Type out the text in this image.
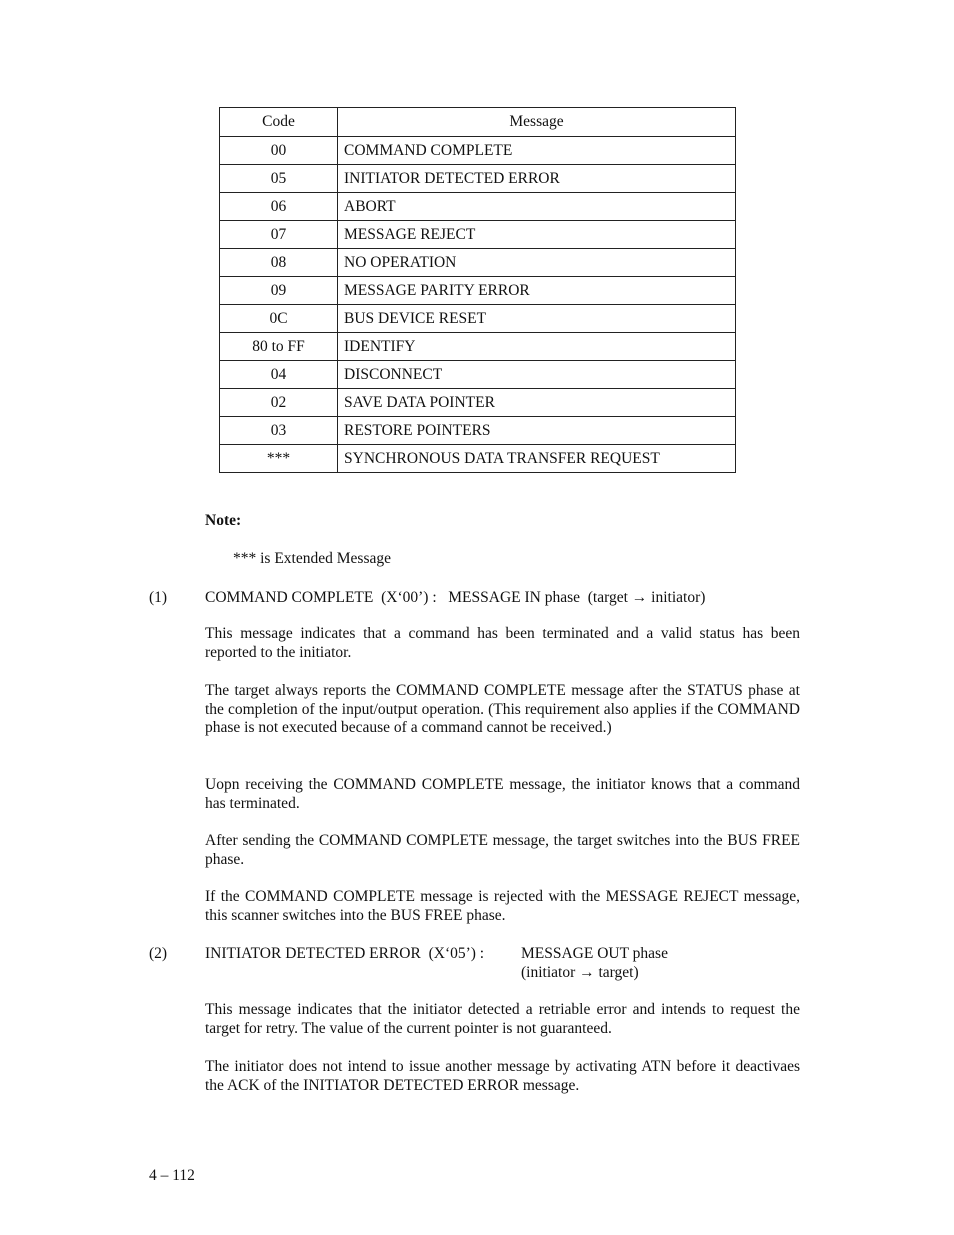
Code	Message
00	COMMAND COMPLETE
05	INITIATOR DETECTED ERROR
06	ABORT
07	MESSAGE REJECT
08	NO OPERATION
09	MESSAGE PARITY ERROR
0C	BUS DEVICE RESET
80 to FF	IDENTIFY
04	DISCONNECT
02	SAVE DATA POINTER
03	RESTORE POINTERS
***	SYNCHRONOUS DATA TRANSFER REQUEST
Note:
*** is Extended Message
(1) COMMAND COMPLETE  (X‘00’) :   MESSAGE IN phase  (target → initiator)
This message indicates that a command has been terminated and a valid status has been reported to the initiator.
The target always reports the COMMAND COMPLETE message after the STATUS phase at the completion of the input/output operation. (This requirement also applies if the COMMAND phase is not executed because of a command cannot be received.)
Uopn receiving the COMMAND COMPLETE message, the initiator knows that a command has terminated.
After sending the COMMAND COMPLETE message, the target switches into the BUS FREE phase.
If the COMMAND COMPLETE message is rejected with the MESSAGE REJECT message, this scanner switches into the BUS FREE phase.
(2) INITIATOR DETECTED ERROR  (X‘05’) : MESSAGE OUT phase
(initiator → target)
This message indicates that the initiator detected a retriable error and intends to request the target for retry. The value of the current pointer is not guaranteed.
The initiator does not intend to issue another message by activating ATN before it deactivaes the ACK of the INITIATOR DETECTED ERROR message.
4 – 112
